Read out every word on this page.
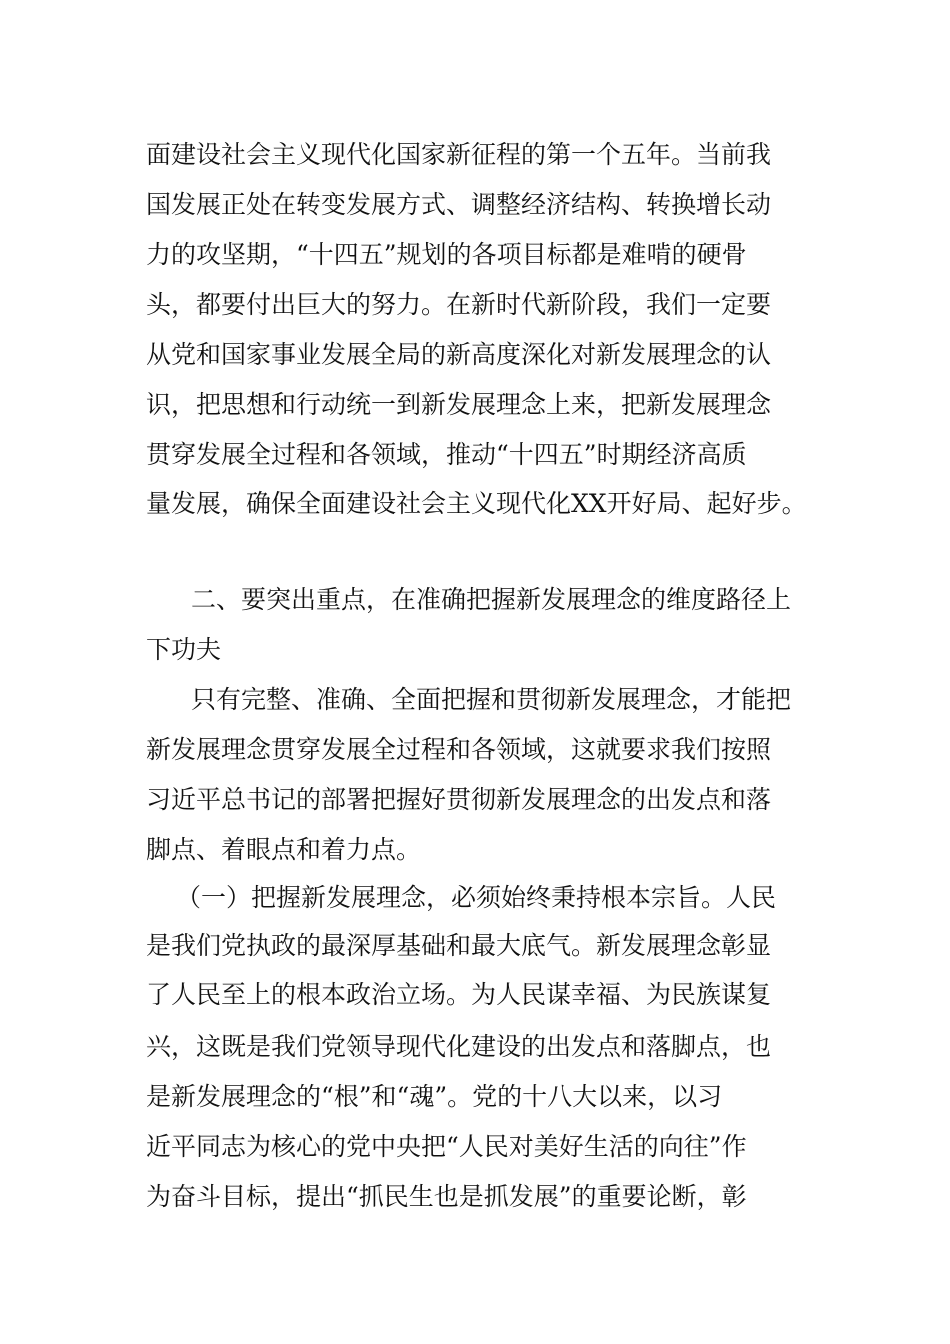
面建设社会主义现代化国家新征程的第一个五年。当前我
国发展正处在转变发展方式、调整经济结构、转换增长动
力的攻坚期，“十四五”规划的各项目标都是难啃的硬骨
头，都要付出巨大的努力。在新时代新阶段，我们一定要
从党和国家事业发展全局的新高度深化对新发展理念的认
识，把思想和行动统一到新发展理念上来，把新发展理念
贯穿发展全过程和各领域，推动“十四五”时期经济高质
量发展，确保全面建设社会主义现代化XX开好局、起好步。
二、要突出重点，在准确把握新发展理念的维度路径上
下功夫
只有完整、准确、全面把握和贯彻新发展理念，才能把
新发展理念贯穿发展全过程和各领域，这就要求我们按照
习近平总书记的部署把握好贯彻新发展理念的出发点和落
脚点、着眼点和着力点。
（一）把握新发展理念，必须始终秉持根本宗旨。人民
是我们党执政的最深厚基础和最大底气。新发展理念彰显
了人民至上的根本政治立场。为人民谋幸福、为民族谋复
兴，这既是我们党领导现代化建设的出发点和落脚点，也
是新发展理念的“根”和“魂”。党的十八大以来，以习
近平同志为核心的党中央把“人民对美好生活的向往”作
为奋斗目标，提出“抓民生也是抓发展”的重要论断，彰
